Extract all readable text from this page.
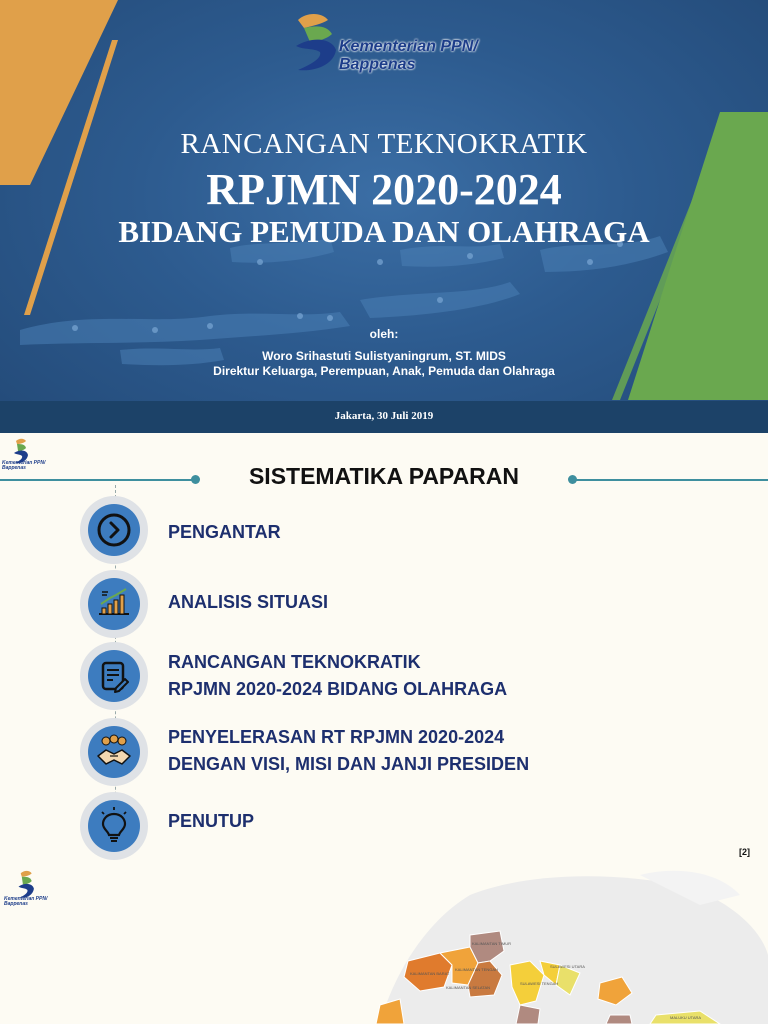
Kementerian PPN/
Bappenas
RANCANGAN TEKNOKRATIK
RPJMN 2020-2024
BIDANG PEMUDA DAN OLAHRAGA
oleh:
Woro Srihastuti Sulistyaningrum, ST. MIDS
Direktur Keluarga, Perempuan, Anak, Pemuda dan Olahraga
Jakarta, 30 Juli 2019
Kementerian PPN/
Bappenas	SISTEMATIKA PAPARAN
PENGANTAR
ANALISIS SITUASI
RANCANGAN TEKNOKRATIK
RPJMN 2020-2024 BIDANG OLAHRAGA
PENYELERASAN RT RPJMN 2020-2024
DENGAN VISI, MISI DAN JANJI PRESIDEN
PENUTUP
[2]
Kementerian PPN/
Bappenas
KALIMANTAN BARAT
KALIMANTAN TENGAH
KALIMANTAN TIMUR
KALIMANTAN SELATAN
SULAWESI UTARA
SULAWESI TENGAH
MALUKU UTARA
